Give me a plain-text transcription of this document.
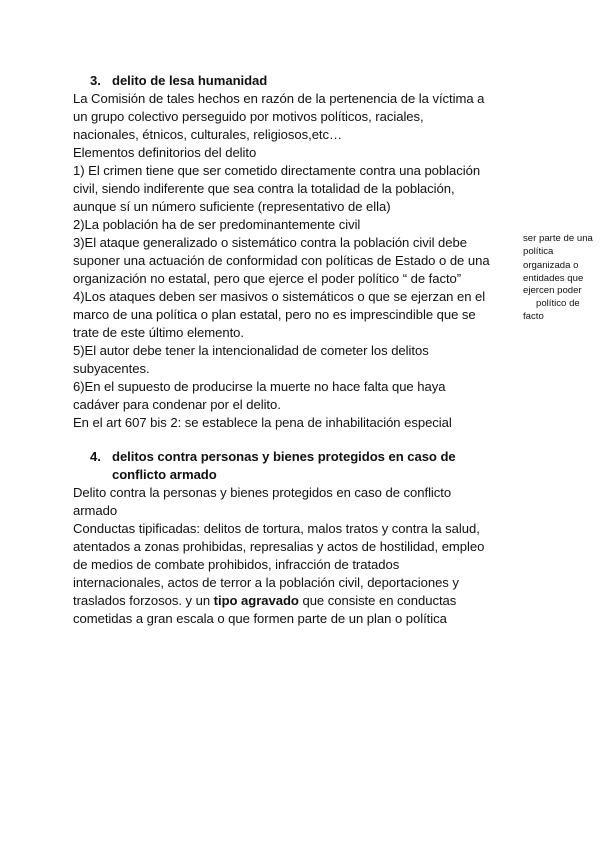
3. delito de lesa humanidad
La Comisión de tales hechos en razón de la pertenencia de la víctima a
un grupo colectivo perseguido por motivos políticos, raciales,
nacionales, étnicos, culturales, religiosos,etc…
Elementos definitorios del delito
1) El crimen tiene que ser cometido directamente contra una población
civil, siendo indiferente que sea contra la totalidad de la población,
aunque sí un número suficiente (representativo de ella)
2)La población ha de ser predominantemente civil
3)El ataque generalizado o sistemático contra la población civil debe
suponer una actuación de conformidad con políticas de Estado o de una
organización no estatal, pero que ejerce el poder político “ de facto”
4)Los ataques deben ser masivos o sistemáticos o que se ejerzan en el
marco de una política o plan estatal, pero no es imprescindible que se
trate de este último elemento.
5)El autor debe tener la intencionalidad de cometer los delitos
subyacentes.
6)En el supuesto de producirse la muerte no hace falta que haya
cadáver para condenar por el delito.
En el art 607 bis 2: se establece la pena de inhabilitación especial
4. delitos contra personas y bienes protegidos en caso de
conflicto armado
Delito contra la personas y bienes protegidos en caso de conflicto
armado
Conductas tipificadas: delitos de tortura, malos tratos y contra la salud,
atentados a zonas prohibidas, represalias y actos de hostilidad, empleo
de medios de combate prohibidos, infracción de tratados
internacionales, actos de terror a la población civil, deportaciones y
traslados forzosos. y un tipo agravado que consiste en conductas
cometidas a gran escala o que formen parte de un plan o política
ser parte de una
política
organizada o
entidades que
ejercen poder
político de
facto
